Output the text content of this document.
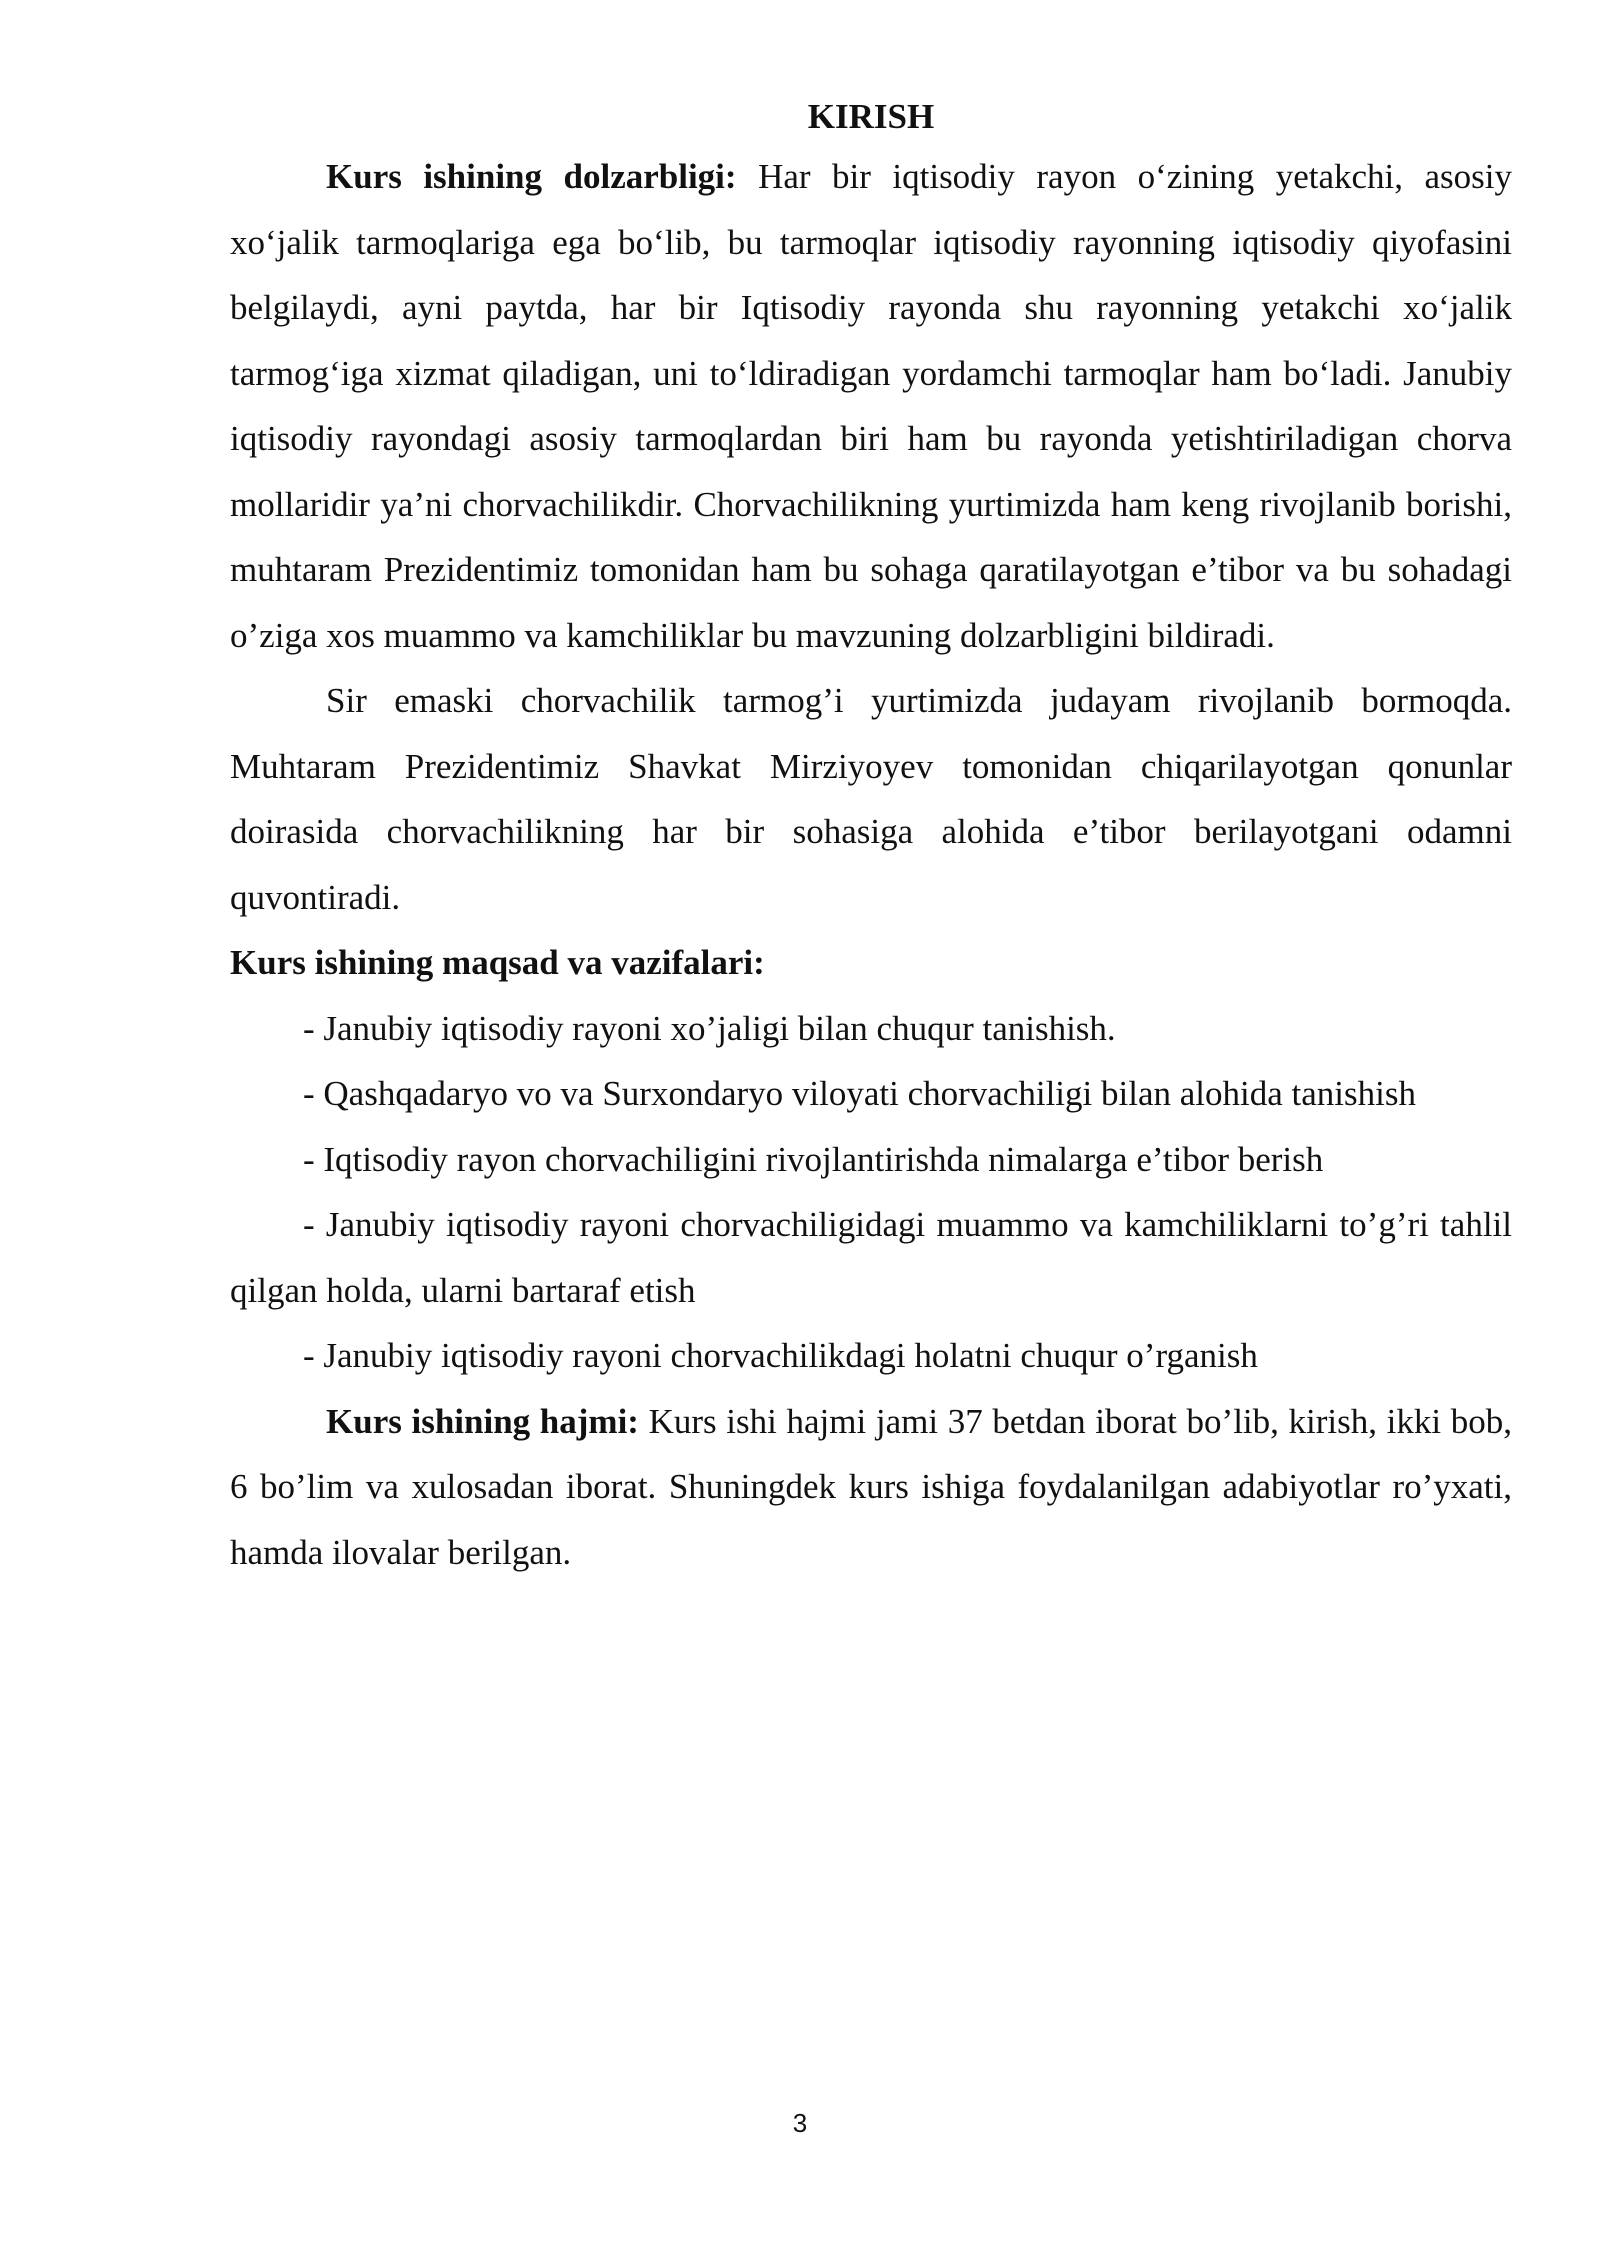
KIRISH

Kurs ishining dolzarbligi: Har bir iqtisodiy rayon o‘zining yetakchi, asosiy xo‘jalik tarmoqlariga ega bo‘lib, bu tarmoqlar iqtisodiy rayonning iqtisodiy qiyofasini belgilaydi, ayni paytda, har bir Iqtisodiy rayonda shu rayonning yetakchi xo‘jalik tarmog‘iga xizmat qiladigan, uni to‘ldiradigan yordamchi tarmoqlar ham bo‘ladi. Janubiy iqtisodiy rayondagi asosiy tarmoqlardan biri ham bu rayonda yetishtiriladigan chorva mollaridir ya’ni chorvachilikdir. Chorvachilikning yurtimizda ham keng rivojlanib borishi, muhtaram Prezidentimiz tomonidan ham bu sohaga qaratilayotgan e’tibor va bu sohadagi o’ziga xos muammo va kamchiliklar bu mavzuning dolzarbligini bildiradi.

Sir emaski chorvachilik tarmog’i yurtimizda judayam rivojlanib bormoqda. Muhtaram Prezidentimiz Shavkat Mirziyoyev tomonidan chiqarilayotgan qonunlar doirasida chorvachilikning har bir sohasiga alohida e’tibor berilayotgani odamni quvontiradi.

Kurs ishining maqsad va vazifalari:

- Janubiy iqtisodiy rayoni xo’jaligi bilan chuqur tanishish.
- Qashqadaryo vo va Surxondaryo viloyati chorvachiligi bilan alohida tanishish
- Iqtisodiy rayon chorvachiligini rivojlantirishda nimalarga e’tibor berish
- Janubiy iqtisodiy rayoni chorvachiligidagi muammo va kamchiliklarni to’g’ri tahlil qilgan holda, ularni bartaraf etish
- Janubiy iqtisodiy rayoni chorvachilikdagi holatni chuqur o’rganish

Kurs ishining hajmi: Kurs ishi hajmi jami 37 betdan iborat bo’lib, kirish, ikki bob, 6 bo’lim va xulosadan iborat. Shuningdek kurs ishiga foydalanilgan adabiyotlar ro’yxati, hamda ilovalar berilgan.

3
